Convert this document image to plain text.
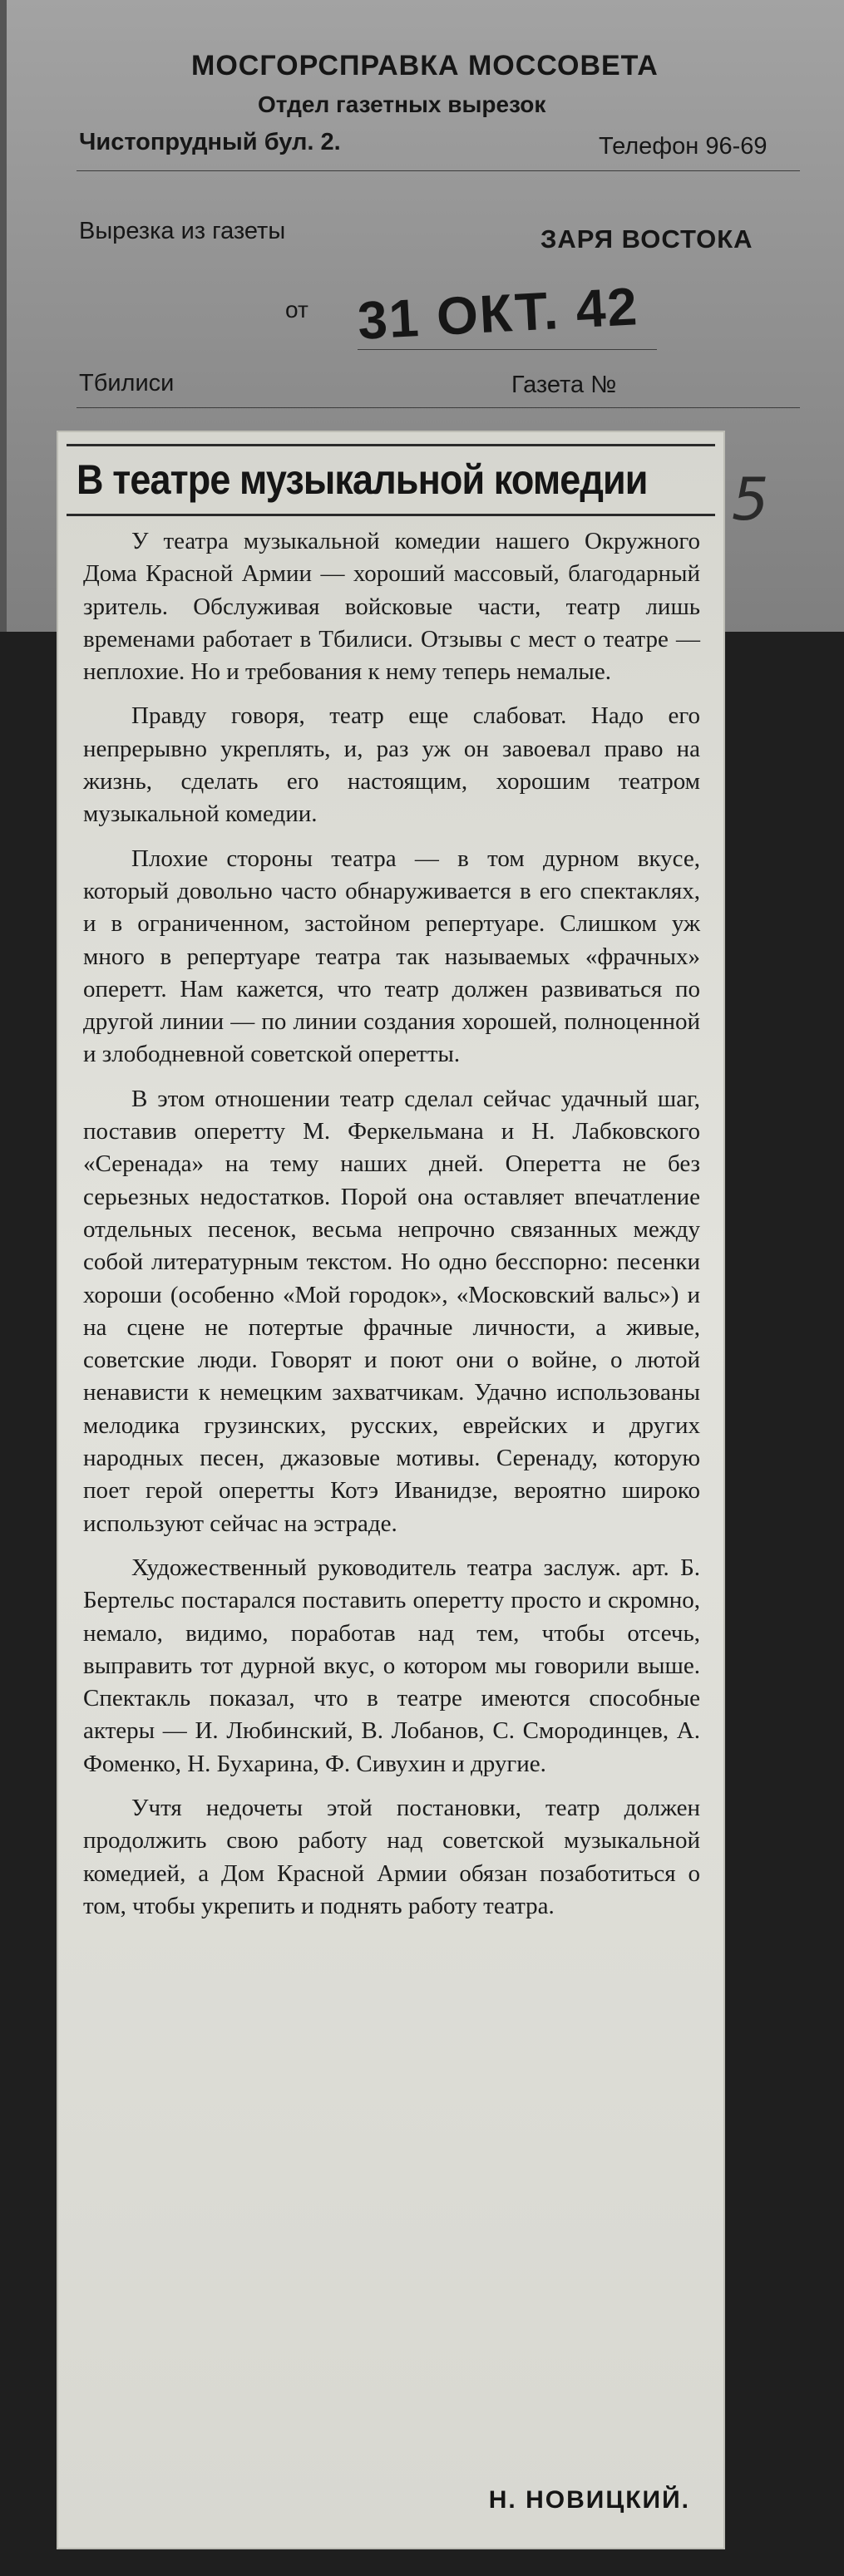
МОСГОРСПРАВКА МОССОВЕТА
Отдел газетных вырезок
Чистопрудный бул. 2.	Телефон 96-69
Вырезка из газеты	ЗАРЯ ВОСТОКА
от 31 ОКТ. 42
Тбилиси	Газета №
5
В театре музыкальной комедии

У театра музыкальной комедии нашего Окружного Дома Красной Армии — хороший массовый, благодарный зритель. Обслуживая войсковые части, театр лишь временами работает в Тбилиси. Отзывы с мест о театре — неплохие. Но и требования к нему теперь немалые.

Правду говоря, театр еще слабоват. Надо его непрерывно укреплять, и, раз уж он завоевал право на жизнь, сделать его настоящим, хорошим театром музыкальной комедии.

Плохие стороны театра — в том дурном вкусе, который довольно часто обнаруживается в его спектаклях, и в ограниченном, застойном репертуаре. Слишком уж много в репертуаре театра так называемых «фрачных» оперетт. Нам кажется, что театр должен развиваться по другой линии — по линии создания хорошей, полноценной и злободневной советской оперетты.

В этом отношении театр сделал сейчас удачный шаг, поставив оперетту М. Феркельмана и Н. Лабковского «Серенада» на тему наших дней. Оперетта не без серьезных недостатков. Порой она оставляет впечатление отдельных песенок, весьма непрочно связанных между собой литературным текстом. Но одно бесспорно: песенки хороши (особенно «Мой городок», «Московский вальс») и на сцене не потертые фрачные личности, а живые, советские люди. Говорят и поют они о войне, о лютой ненависти к немецким захватчикам. Удачно использованы мелодика грузинских, русских, еврейских и других народных песен, джазовые мотивы. Серенаду, которую поет герой оперетты Котэ Иванидзе, вероятно широко используют сейчас на эстраде.

Художественный руководитель театра заслуж. арт. Б. Бертельс постарался поставить оперетту просто и скромно, немало, видимо, поработав над тем, чтобы отсечь, выправить тот дурной вкус, о котором мы говорили выше. Спектакль показал, что в театре имеются способные актеры — И. Любинский, В. Лобанов, С. Смородинцев, А. Фоменко, Н. Бухарина, Ф. Сивухин и другие.

Учтя недочеты этой постановки, театр должен продолжить свою работу над советской музыкальной комедией, а Дом Красной Армии обязан позаботиться о том, чтобы укрепить и поднять работу театра.

Н. НОВИЦКИЙ.
